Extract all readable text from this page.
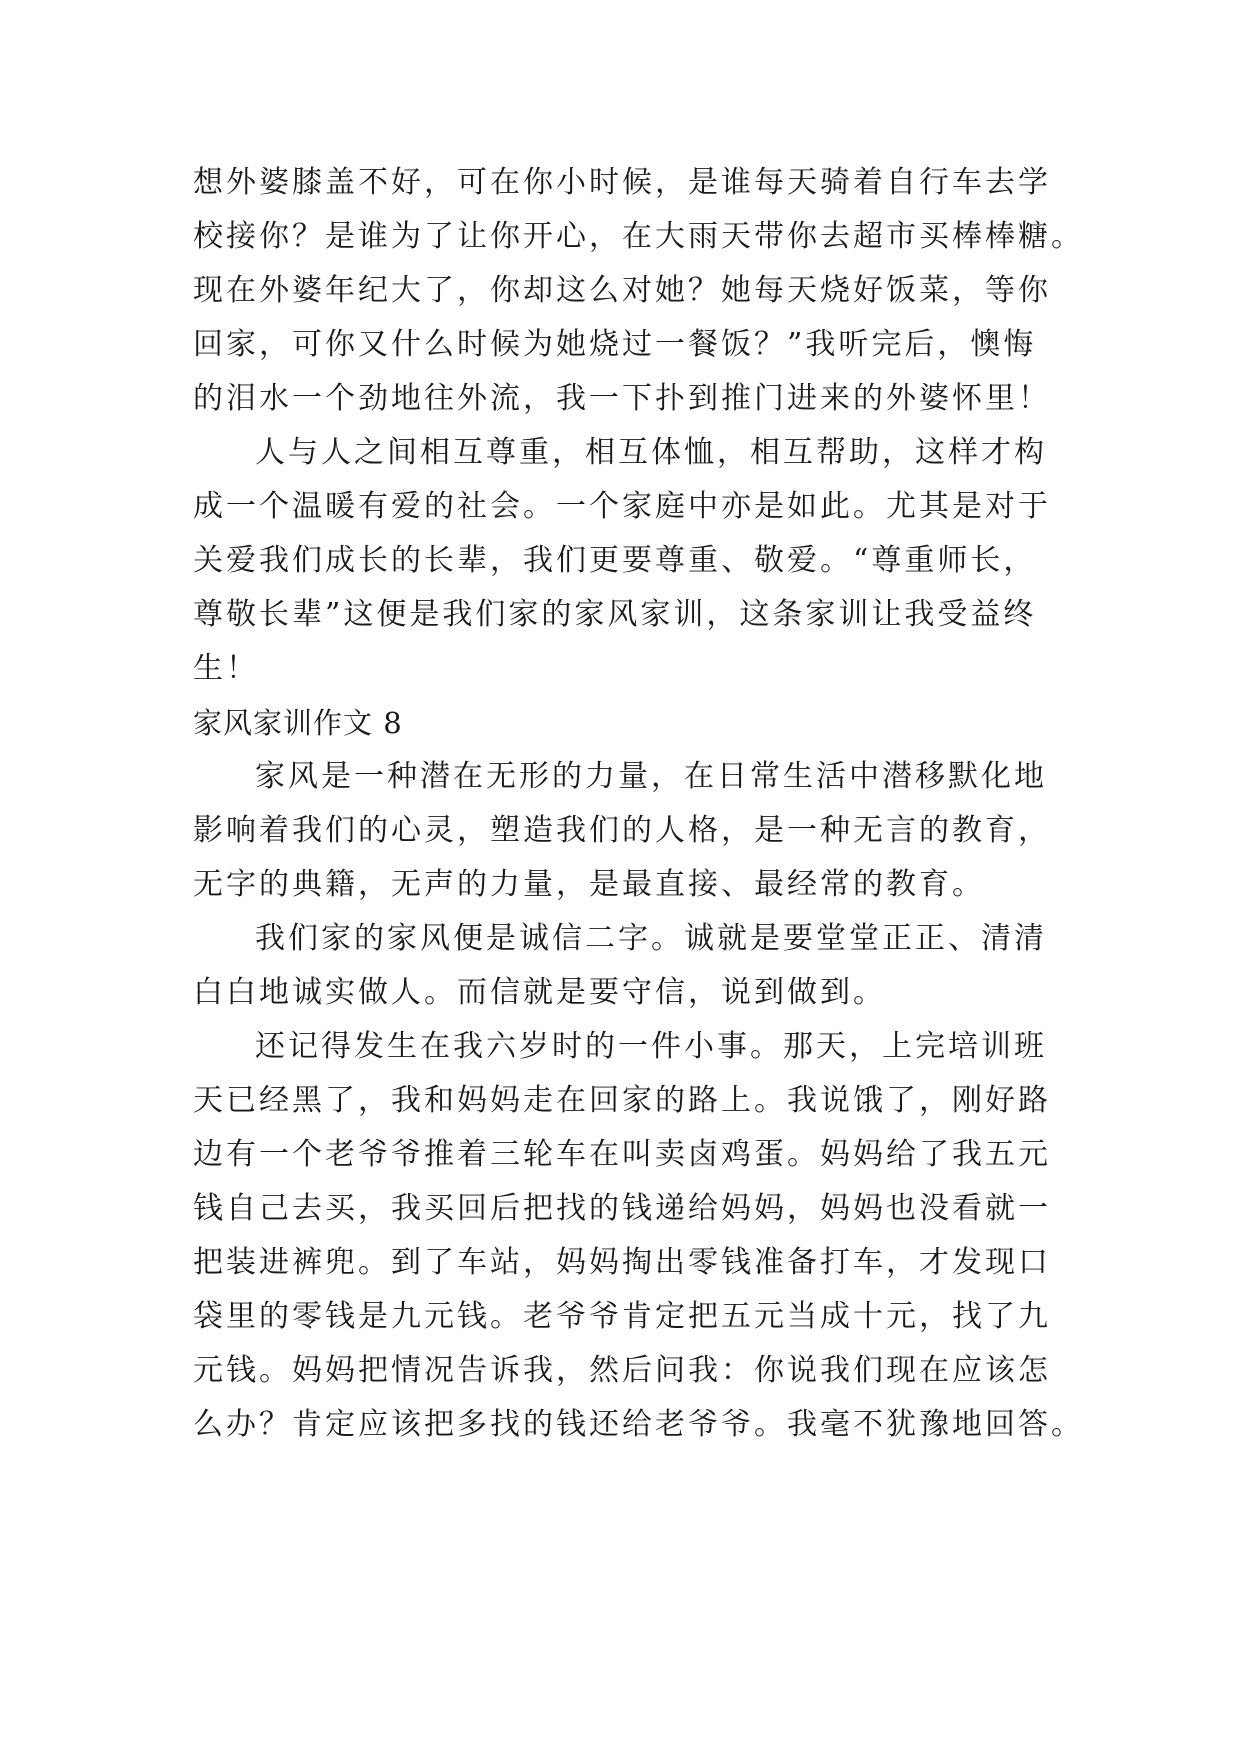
想外婆膝盖不好，可在你小时候，是谁每天骑着自行车去学
校接你？是谁为了让你开心，在大雨天带你去超市买棒棒糖。
现在外婆年纪大了，你却这么对她？她每天烧好饭菜，等你
回家，可你又什么时候为她烧过一餐饭？”我听完后，懊悔
的泪水一个劲地往外流，我一下扑到推门进来的外婆怀里！
人与人之间相互尊重，相互体恤，相互帮助，这样才构
成一个温暖有爱的社会。一个家庭中亦是如此。尤其是对于
关爱我们成长的长辈，我们更要尊重、敬爱。“尊重师长，
尊敬长辈”这便是我们家的家风家训，这条家训让我受益终
生！
家风家训作文 8
家风是一种潜在无形的力量，在日常生活中潜移默化地
影响着我们的心灵，塑造我们的人格，是一种无言的教育，
无字的典籍，无声的力量，是最直接、最经常的教育。
我们家的家风便是诚信二字。诚就是要堂堂正正、清清
白白地诚实做人。而信就是要守信，说到做到。
还记得发生在我六岁时的一件小事。那天，上完培训班
天已经黑了，我和妈妈走在回家的路上。我说饿了，刚好路
边有一个老爷爷推着三轮车在叫卖卤鸡蛋。妈妈给了我五元
钱自己去买，我买回后把找的钱递给妈妈，妈妈也没看就一
把装进裤兜。到了车站，妈妈掏出零钱准备打车，才发现口
袋里的零钱是九元钱。老爷爷肯定把五元当成十元，找了九
元钱。妈妈把情况告诉我，然后问我：你说我们现在应该怎
么办？肯定应该把多找的钱还给老爷爷。我毫不犹豫地回答。
